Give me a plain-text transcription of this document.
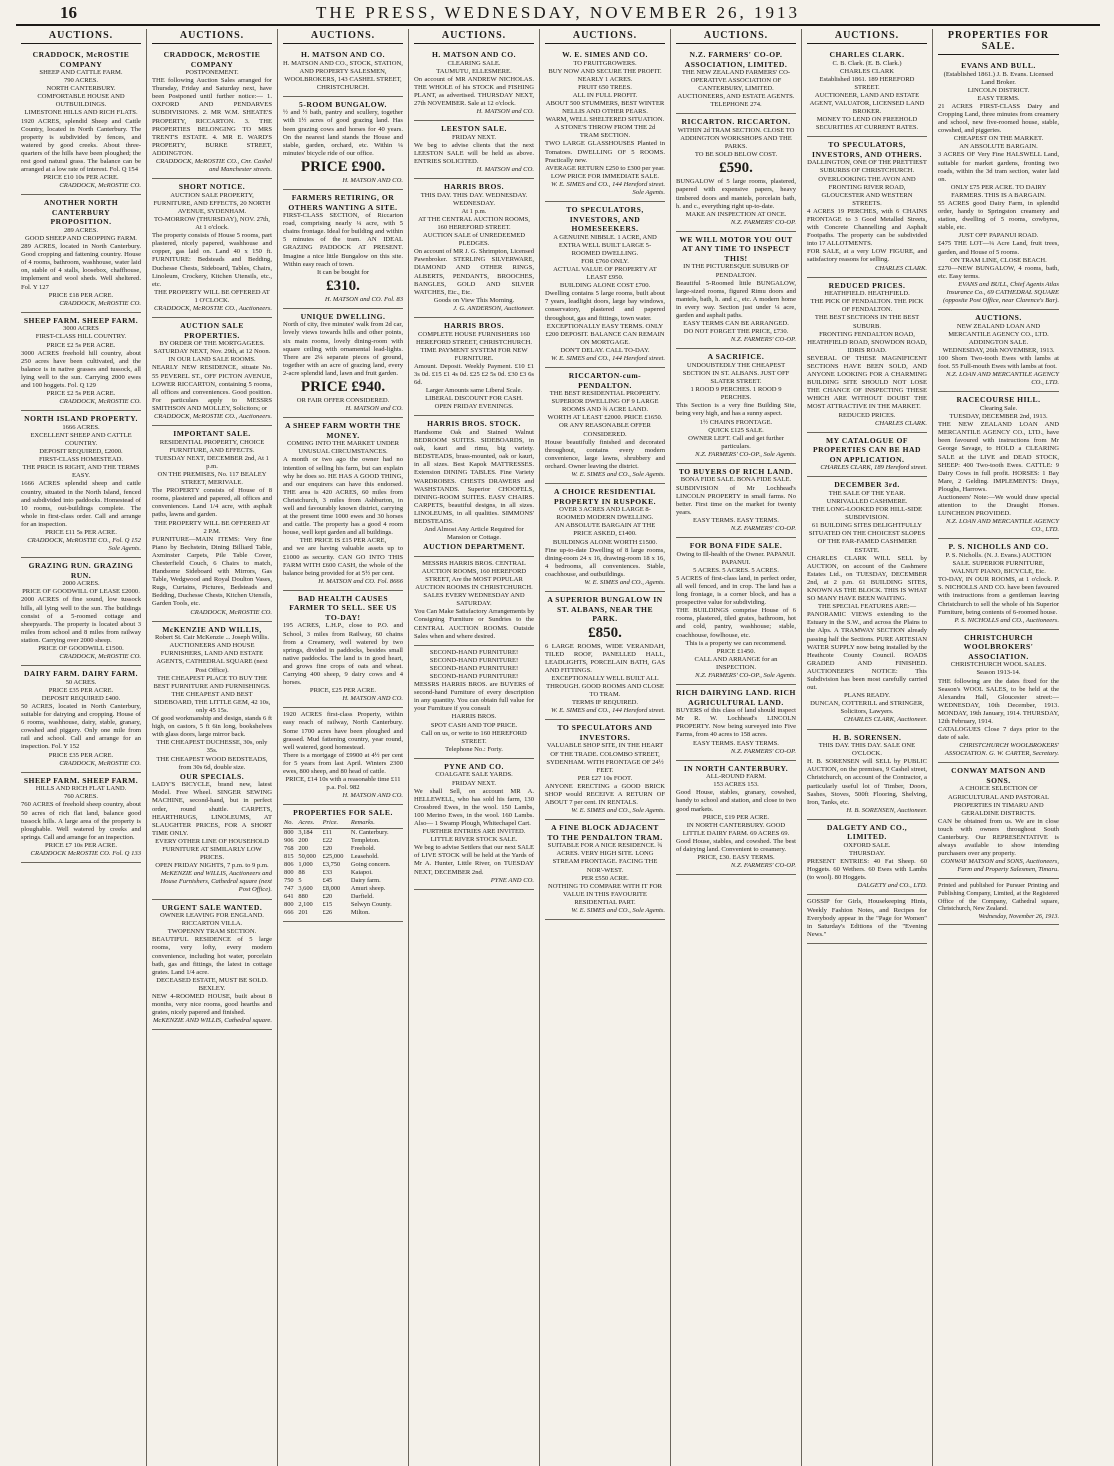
16	THE PRESS, WEDNESDAY, NOVEMBER 26, 1913
AUCTIONS.

CRADDOCK, McROSTIE COMPANY

SHEEP AND CATTLE FARM.

790 ACRES.

NORTH CANTERBURY.

COMFORTABLE HOUSE AND OUTBUILDINGS.

LIMESTONE HILLS AND RICH FLATS.

1920 ACRES, splendid Sheep and Cattle Country, located in North Canterbury. The property is subdivided by fences, and watered by good creeks. About three-quarters of the hills have been ploughed; the rest good natural grass. The balance can be arranged at a low rate of interest. Fol. Q 154

PRICE £10 10s PER ACRE.

CRADDOCK, McROSTIE CO.

ANOTHER NORTH CANTERBURY PROPOSITION.

289 ACRES.

GOOD SHEEP AND CROPPING FARM.

289 ACRES, located in North Canterbury. Good cropping and fattening country. House of 4 rooms, bathroom, washhouse, water laid on, stable of 4 stalls, loosebox, chaffhouse, implement and wool sheds. Well sheltered. Fol. Y 127

PRICE £18 PER ACRE.

CRADDOCK, McROSTIE CO.

SHEEP FARM. SHEEP FARM.

3000 ACRES

FIRST-CLASS HILL COUNTRY.

PRICE £2 5s PER ACRE.

3000 ACRES freehold hill country, about 250 acres have been cultivated, and the balance is in native grasses and tussock, all lying well to the sun. Carrying 2000 ewes and 100 hoggets. Fol. Q 129

PRICE £2 5s PER ACRE.

CRADDOCK, McROSTIE CO.

NORTH ISLAND PROPERTY.

1666 ACRES.

EXCELLENT SHEEP AND CATTLE COUNTRY.

DEPOSIT REQUIRED, £2000.

FIRST-CLASS HOMESTEAD.

THE PRICE IS RIGHT, AND THE TERMS EASY.

1666 ACRES splendid sheep and cattle country, situated in the North Island, fenced and subdivided into paddocks. Homestead of 10 rooms, out-buildings complete. The whole in first-class order. Call and arrange for an inspection.

PRICE £11 5s PER ACRE.

CRADDOCK, McROSTIE CO., Fol. Q 152 Sole Agents.

GRAZING RUN. GRAZING RUN.

2000 ACRES.

PRICE OF GOODWILL OF LEASE £2000.

2000 ACRES of fine sound, low tussock hills, all lying well to the sun. The buildings consist of a 5-roomed cottage and sheepyards. The property is located about 3 miles from school and 8 miles from railway station. Carrying over 2000 sheep.

PRICE OF GOODWILL £1500.

CRADDOCK, McROSTIE CO.

DAIRY FARM. DAIRY FARM.

50 ACRES.

PRICE £35 PER ACRE.

DEPOSIT REQUIRED £400.

50 ACRES, located in North Canterbury, suitable for dairying and cropping. House of 6 rooms, washhouse, dairy, stable, granary, cowshed and piggery. Only one mile from rail and school. Call and arrange for an inspection. Fol. Y 152

PRICE £35 PER ACRE.

CRADDOCK, McROSTIE CO.

SHEEP FARM. SHEEP FARM.

HILLS AND RICH FLAT LAND.

760 ACRES.

760 ACRES of freehold sheep country, about 50 acres of rich flat land, balance good tussock hills. A large area of the property is ploughable. Well watered by creeks and springs. Call and arrange for an inspection.

PRICE £7 10s PER ACRE.

CRADDOCK McROSTIE CO. Fol. Q 133

AUCTIONS.

CRADDOCK, McROSTIE COMPANY

POSTPONEMENT.

THE following Auction Sales arranged for Thursday, Friday and Saturday next, have been Postponed until further notice:— 1. OXFORD AND PENDARVES SUBDIVISIONS. 2. MR W.M. SHEATE'S PROPERTY, RICCARTON. 3. THE PROPERTIES BELONGING TO MRS TRENT'S ESTATE. 4. MR E. WARD'S PROPERTY, BURKE STREET, ADDINGTON.

CRADDOCK, McROSTIE CO., Cnr. Cashel and Manchester streets.

SHORT NOTICE.

AUCTION SALE PROPERTY, FURNITURE, AND EFFECTS, 20 NORTH AVENUE, SYDENHAM.

TO-MORROW (THURSDAY), NOV. 27th, At 1 o'clock.

The property consists of House 5 rooms, part plastered, nicely papered, washhouse and copper, gas laid on. Land 40 x 150 ft. FURNITURE: Bedsteads and Bedding, Duchesse Chests, Sideboard, Tables, Chairs, Linoleum, Crockery, Kitchen Utensils, etc., etc.

THE PROPERTY WILL BE OFFERED AT 1 O'CLOCK.

CRADDOCK, McROSTIE CO., Auctioneers.

AUCTION SALE PROPERTIES.

BY ORDER OF THE MORTGAGEES.

SATURDAY NEXT, Nov. 29th, at 12 Noon.

IN OUR LAND SALE ROOMS.

NEARLY NEW RESIDENCE, situate No. 55 PEVEREL ST., OFF PICTON AVENUE, LOWER RICCARTON, containing 5 rooms, all offices and conveniences. Good position. For particulars apply to MESSRS SMITHSON AND MOLLEY, Solicitors; or

CRADDOCK, McROSTIE CO., Auctioneers.

IMPORTANT SALE.

RESIDENTIAL PROPERTY, CHOICE FURNITURE, AND EFFECTS.

TUESDAY NEXT, DECEMBER 2nd, At 1 p.m.

ON THE PREMISES, No. 117 BEALEY STREET, MERIVALE.

The PROPERTY consists of House of 8 rooms, plastered and papered, all offices and conveniences. Land 1/4 acre, with asphalt paths, lawns and garden.

THE PROPERTY WILL BE OFFERED AT 2 P.M.

FURNITURE—MAIN ITEMS: Very fine Piano by Bechstein, Dining Billiard Table, Axminster Carpets, Pile Table Cover, Chesterfield Couch, 6 Chairs to match, Handsome Sideboard with Mirrors, Gas Table, Wedgwood and Royal Doulton Vases, Rugs, Curtains, Pictures, Bedsteads and Bedding, Duchesse Chests, Kitchen Utensils, Garden Tools, etc.

CRADDOCK, McROSTIE CO.

McKENZIE AND WILLIS,

Robert St. Cair McKenzie ... Joseph Willis. AUCTIONEERS AND HOUSE FURNISHERS, LAND AND ESTATE AGENTS, CATHEDRAL SQUARE (next Post Office).

THE CHEAPEST PLACE TO BUY THE BEST FURNITURE AND FURNISHINGS.

THE CHEAPEST AND BEST SIDEBOARD, THE LITTLE GEM, 42 10s, only 45 15s.

Of good workmanship and design, stands 6 ft high, on castors, 5 ft 6in long, bookshelves with glass doors, large mirror back.

THE CHEAPEST DUCHESSE, 30s, only 35s.

THE CHEAPEST WOOD BEDSTEADS, from 30s 6d, double size.

OUR SPECIALS.

LADY'S BICYCLE, brand new, latest Model. Free Wheel. SINGER SEWING MACHINE, second-hand, but in perfect order, round shuttle. CARPETS, HEARTHRUGS, LINOLEUMS, AT SLAUGHTER PRICES, FOR A SHORT TIME ONLY.

EVERY OTHER LINE OF HOUSEHOLD FURNITURE AT SIMILARLY LOW PRICES.

OPEN FRIDAY NIGHTS, 7 p.m. to 9 p.m.

McKENZIE and WILLIS, Auctioneers and House Furnishers, Cathedral square (next Post Office).

URGENT SALE WANTED.

OWNER LEAVING FOR ENGLAND. RICCARTON VILLA.

TWOPENNY TRAM SECTION.

BEAUTIFUL RESIDENCE of 5 large rooms, very lofty, every modern convenience, including hot water, porcelain bath, gas and fittings, the latest in cottage grates. Land 1/4 acre.

DECEASED ESTATE, MUST BE SOLD. BEXLEY.

NEW 4-ROOMED HOUSE, built about 8 months, very nice rooms, good hearths and grates, nicely papered and finished.

McKENZIE AND WILLIS, Cathedral square.

AUCTIONS.

H. MATSON AND CO.

H. MATSON AND CO., STOCK, STATION, AND PROPERTY SALESMEN, WOOLBROKERS, 143 CASHEL STREET, CHRISTCHURCH.

5-ROOM BUNGALOW.

½ and ½ bath, pantry and scullery, together with 1½ acres of good grazing land. Has been grazing cows and horses for 40 years. On the nearest land stands the House and stable, garden, orchard, etc. Within ¼ minutes' bicycle ride of our office.

PRICE £900.

H. MATSON AND CO.

FARMERS RETIRING, OR OTHERS WANTING A SITE.

FIRST-CLASS SECTION, of Riccarton road, comprising nearly ¼ acre, with 5 chains frontage. Ideal for building and within 5 minutes of the tram. AN IDEAL GRAZING PADDOCK AT PRESENT. Imagine a nice little Bungalow on this site. Within easy reach of town.

It can be bought for

£310.

H. MATSON and CO. Fol. 83

UNIQUE DWELLING.

North of city, five minutes' walk from 2d car, lovely views towards hills and other points, six main rooms, lovely dining-room with square ceiling with ornamental lead-lights. There are 2¼ separate pieces of ground, together with an acre of grazing land, every 2-acre splendid land, lawn and fruit garden.

PRICE £940.

OR FAIR OFFER CONSIDERED.

H. MATSON and CO.

A SHEEP FARM WORTH THE MONEY.

COMING INTO THE MARKET UNDER UNUSUAL CIRCUMSTANCES.

A month or two ago the owner had no intention of selling his farm, but can explain why he does so. HE HAS A GOOD THING, and our enquirers can have this endorsed. THE area is 420 ACRES, 60 miles from Christchurch, 3 miles from Ashburton, in well and favourably known district, carrying at the present time 1000 ewes and 30 horses and cattle. The property has a good 4 room house, well kept garden and all buildings.

THE PRICE IS £15 PER ACRE,

and we are having valuable assets up to £1000 as security. CAN GO INTO THIS FARM WITH £600 CASH, the whole of the balance being provided for at 5½ per cent.

H. MATSON and CO. Fol. 8666

BAD HEALTH CAUSES FARMER TO SELL. SEE US TO-DAY!

195 ACRES, L.H.P., close to P.O. and School, 3 miles from Railway, 60 chains from a Creamery, well watered by two springs, divided in paddocks, besides small native paddocks. The land is in good heart, and grows fine crops of oats and wheat. Carrying 400 sheep, 9 dairy cows and 4 horses.

PRICE, £25 PER ACRE.

H. MATSON AND CO.

1920 ACRES first-class Property, within easy reach of railway, North Canterbury. Some 1700 acres have been ploughed and grassed. Mud fattening country, year round, well watered, good homestead.

There is a mortgage of £9900 at 4½ per cent for 5 years from last April. Winters 2300 ewes, 800 sheep, and 80 head of cattle.

PRICE, £14 10s with a reasonable time £11 p.a. Fol. 982

H. MATSON AND CO.

PROPERTIES FOR SALE.

No.	Acres.	Price.	Remarks.
800	3,184	£11	N. Canterbury.
906	200	£22	Templeton.
768	200	£20	Freehold.
815	50,000	£25,000	Leasehold.
806	1,000	£3,750	Going concern.
800	88	£33	Kaiapoi.
750	5	£45	Dairy farm.
747	3,600	£8,000	Amuri sheep.
641	880	£20	Darfield.
800	2,100	£15	Selwyn County.
666	201	£26	Milton.
AUCTIONS.

H. MATSON AND CO.

CLEARING SALE.

TAUMUTU, ELLESMERE.

On account of MR ANDREW NICHOLAS. THE WHOLE of his STOCK and FISHING PLANT, as advertised. THURSDAY NEXT, 27th NOVEMBER. Sale at 12 o'clock.

H. MATSON and CO.

LEESTON SALE.

FRIDAY NEXT.

We beg to advise clients that the next LEESTON SALE will be held as above. ENTRIES SOLICITED.

H. MATSON and CO.

HARRIS BROS.

THIS DAY. THIS DAY. WEDNESDAY. WEDNESDAY.

At 1 p.m.

AT THE CENTRAL AUCTION ROOMS, 160 HEREFORD STREET.

AUCTION SALE of UNREDEEMED PLEDGES.

On account of MR J. G. Shrimpton, Licensed Pawnbroker. STERLING SILVERWARE, DIAMOND AND OTHER RINGS, ALBERTS, PENDANTS, BROOCHES, BANGLES, GOLD AND SILVER WATCHES, Etc., Etc.

Goods on View This Morning.

J. G. ANDERSON, Auctioneer.

HARRIS BROS.

COMPLETE HOUSE FURNISHERS 160 HEREFORD STREET, CHRISTCHURCH.

TIME PAYMENT SYSTEM FOR NEW FURNITURE.

Amount. Deposit. Weekly Payment. £10 £1 3s 0d. £15 £1 4s 0d. £25 £2 5s 0d. £30 £3 6s 6d.

Larger Amounts same Liberal Scale.

LIBERAL DISCOUNT FOR CASH.

OPEN FRIDAY EVENINGS.

HARRIS BROS. STOCK.

Handsome Oak and Stained Walnut BEDROOM SUITES. SIDEBOARDS, in oak, kauri and rimu, big variety. BEDSTEADS, brass-mounted, oak or kauri, in all sizes. Best Kapok MATTRESSES. Extension DINING TABLES. Fine Variety WARDROBES. CHESTS DRAWERS and WASHSTANDS. Superior CHOOFELS, DINING-ROOM SUITES. EASY CHAIRS. CARPETS, beautiful designs, in all sizes. LINOLEUMS, in all qualities. SIMMONS' BEDSTEADS.

And Almost Any Article Required for Mansion or Cottage.

AUCTION DEPARTMENT.

MESSRS HARRIS BROS. CENTRAL AUCTION ROOMS, 160 HEREFORD STREET, Are the MOST POPULAR AUCTION ROOMS IN CHRISTCHURCH.

SALES EVERY WEDNESDAY AND SATURDAY.

You Can Make Satisfactory Arrangements by Consigning Furniture or Sundries to the CENTRAL AUCTION ROOMS. Outside Sales when and where desired.

SECOND-HAND FURNITURE!

SECOND-HAND FURNITURE!

SECOND-HAND FURNITURE!

SECOND-HAND FURNITURE!

MESSRS HARRIS BROS. are BUYERS of second-hand Furniture of every description in any quantity. You can obtain full value for your Furniture if you consult

HARRIS BROS.

SPOT CASH AND TOP PRICE.

Call on us, or write to 160 HEREFORD STREET.

Telephone No.: Forty.

PYNE AND CO.

COALGATE SALE YARDS.

FRIDAY NEXT.

We shall Sell, on account MR A. HELLEWELL, who has sold his farm, 130 Crossbred Ewes, in the wool. 150 Lambs, 100 Merino Ewes, in the wool. 160 Lambs. Also— 1 Swamp Plough, Whitechapel Cart.

FURTHER ENTRIES ARE INVITED.

LITTLE RIVER STOCK SALE.

We beg to advise Settlers that our next SALE of LIVE STOCK will be held at the Yards of Mr A. Hunter, Little River, on TUESDAY NEXT, DECEMBER 2nd.

PYNE AND CO.

AUCTIONS.

W. E. SIMES AND CO.

TO FRUITGROWERS.

BUY NOW AND SECURE THE PROFIT. NEARLY 1 ACRES.

FRUIT 650 TREES.

ALL IN FULL PROFIT.

ABOUT 500 STUMMERS, BEST WINTER NELLIS AND OTHER PEARS.

WARM, WELL SHELTERED SITUATION. A STONE'S THROW FROM THE 2d TRAM SECTION.

TWO LARGE GLASSHOUSES Planted in Tomatoes. DWELLING OF 5 ROOMS. Practically new.

AVERAGE RETURN £250 to £300 per year.

LOW PRICE FOR IMMEDIATE SALE.

W. E. SIMES and CO., 144 Hereford street. Sole Agents.

TO SPECULATORS, INVESTORS, AND HOMESEEKERS.

A GENUINE NIBBLE. 1 ACRE, AND EXTRA WELL BUILT LARGE 5-ROOMED DWELLING.

FOR £760 ONLY.

ACTUAL VALUE OF PROPERTY AT LEAST £950.

BUILDING ALONE COST £700.

Dwelling contains 5 large rooms, built about 7 years, leadlight doors, large bay windows, conservatory, plastered and papered throughout, gas and fittings, town water.

EXCEPTIONALLY EASY TERMS. ONLY £200 DEPOSIT. BALANCE CAN REMAIN ON MORTGAGE.

DON'T DELAY. CALL TO-DAY.

W. E. SIMES and CO., 144 Hereford street.

RICCARTON-cum-PENDALTON.

THE BEST RESIDENTIAL PROPERTY.

SUPERIOR DWELLING OF 9 LARGE ROOMS AND ¾ ACRE LAND.

WORTH AT LEAST £2000. PRICE £1650.

OR ANY REASONABLE OFFER CONSIDERED.

House beautifully finished and decorated throughout, contains every modern convenience, large lawns, shrubbery and orchard. Owner leaving the district.

W. E. SIMES and CO., Sole Agents.

A CHOICE RESIDENTIAL PROPERTY IN RUSPOKE.

OVER 3 ACRES AND LARGE 8-ROOMED MODERN DWELLING.

AN ABSOLUTE BARGAIN AT THE PRICE ASKED, £1400.

BUILDINGS ALONE WORTH £1500.

Fine up-to-date Dwelling of 8 large rooms, dining-room 24 x 16, drawing-room 18 x 16, 4 bedrooms, all conveniences. Stable, coachhouse, and outbuildings.

W. E. SIMES and CO., Agents.

A SUPERIOR BUNGALOW IN ST. ALBANS, NEAR THE PARK.

£850.

6 LARGE ROOMS, WIDE VERANDAH, TILED ROOF, PANELLED HALL, LEADLIGHTS, PORCELAIN BATH, GAS AND FITTINGS.

EXCEPTIONALLY WELL BUILT ALL THROUGH. GOOD ROOMS AND CLOSE TO TRAM.

TERMS IF REQUIRED.

W. E. SIMES and CO., 144 Hereford street.

TO SPECULATORS AND INVESTORS.

VALUABLE SHOP SITE, IN THE HEART OF THE TRADE. COLOMBO STREET, SYDENHAM. WITH FRONTAGE OF 24½ FEET.

PER £27 10s FOOT.

ANYONE ERECTING a GOOD BRICK SHOP would RECEIVE A RETURN OF ABOUT 7 per cent. IN RENTALS.

W. E. SIMES and CO., Sole Agents.

A FINE BLOCK ADJACENT TO THE PENDALTON TRAM.

SUITABLE FOR A NICE RESIDENCE. ¾ ACRES. VERY HIGH SITE. LONG STREAM FRONTAGE. FACING THE NOR'-WEST.

PER £550 ACRE.

NOTHING TO COMPARE WITH IT FOR VALUE IN THIS FAVOURITE RESIDENTIAL PART.

W. E. SIMES and CO., Sole Agents.

AUCTIONS.

N.Z. FARMERS' CO-OP. ASSOCIATION, LIMITED.

THE NEW ZEALAND FARMERS' CO-OPERATIVE ASSOCIATION OF CANTERBURY, LIMITED. AUCTIONEERS, AND ESTATE AGENTS.

TELEPHONE 274.

RICCARTON. RICCARTON.

WITHIN 2d TRAM SECTION. CLOSE TO ADDINGTON WORKSHOPS AND THE PARKS.

TO BE SOLD BELOW COST.

£590.

BUNGALOW of 5 large rooms, plastered, papered with expensive papers, heavy timbered doors and mantels, porcelain bath, h. and c., everything right up-to-date.

MAKE AN INSPECTION AT ONCE.

N.Z. FARMERS' CO-OP.

WE WILL MOTOR YOU OUT AT ANY TIME TO INSPECT THIS!

IN THE PICTURESQUE SUBURB OF PENDALTON.

Beautiful 5-Roomed little BUNGALOW, large-sized rooms, figured Rimu doors and mantels, bath, h. and c., etc. A modern home in every way. Section just under ¼ acre, garden and asphalt paths.

EASY TERMS CAN BE ARRANGED.

DO NOT FORGET THE PRICE, £730.

N.Z. FARMERS' CO-OP.

A SACRIFICE.

UNDOUBTEDLY THE CHEAPEST SECTION IN ST. ALBANS. JUST OFF SLATER STREET.

1 ROOD 9 PERCHES. 1 ROOD 9 PERCHES.

This Section is a very fine Building Site, being very high, and has a sunny aspect.

1½ CHAINS FRONTAGE.

QUICK £125 SALE.

OWNER LEFT. Call and get further particulars.

N.Z. FARMERS' CO-OP., Sole Agents.

TO BUYERS OF RICH LAND.

BONA FIDE SALE. BONA FIDE SALE.

SUBDIVISION of Mr Lochhead's LINCOLN PROPERTY in small farms. No better. First time on the market for twenty years.

EASY TERMS. EASY TERMS.

N.Z. FARMERS' CO-OP.

FOR BONA FIDE SALE.

Owing to Ill-health of the Owner. PAPANUI. PAPANUI.

5 ACRES. 5 ACRES. 5 ACRES.

5 ACRES of first-class land, in perfect order, all well fenced, and in crop. The land has a long frontage, is a corner block, and has a prospective value for subdividing.

THE BUILDINGS comprise House of 6 rooms, plastered, tiled grates, bathroom, hot and cold, pantry, washhouse; stable, coachhouse, fowlhouse, etc.

This is a property we can recommend.

PRICE £1450.

CALL AND ARRANGE for an INSPECTION.

N.Z. FARMERS' CO-OP., Sole Agents.

RICH DAIRYING LAND. RICH AGRICULTURAL LAND.

BUYERS of this class of land should inspect Mr R. W. Lochhead's LINCOLN PROPERTY. Now being surveyed into Five Farms, from 40 acres to 158 acres.

EASY TERMS. EASY TERMS.

N.Z. FARMERS' CO-OP.

IN NORTH CANTERBURY.

ALL-ROUND FARM.

153 ACRES 153.

Good House, stables, granary, cowshed, handy to school and station, and close to two good markets.

PRICE, £19 PER ACRE.

IN NORTH CANTERBURY. GOOD LITTLE DAIRY FARM. 69 ACRES 69.

Good House, stables, and cowshed. The best of dairying land. Convenient to creamery.

PRICE, £30. EASY TERMS.

N.Z. FARMERS' CO-OP.

AUCTIONS.

CHARLES CLARK.

C. B. Clark. (E. B. Clark.)

CHARLES CLARK

Established 1861. 189 HEREFORD STREET.

AUCTIONEER, LAND AND ESTATE AGENT, VALUATOR, LICENSED LAND BROKER.

MONEY TO LEND ON FREEHOLD SECURITIES AT CURRENT RATES.

TO SPECULATORS, INVESTORS, AND OTHERS.

DALLINGTON, ONE OF THE PRETTIEST SUBURBS OF CHRISTCHURCH.

OVERLOOKING THE AVON AND FRONTING RIVER ROAD, GLOUCESTER AND WESTERN STREETS.

4 ACRES 19 PERCHES, with 6 CHAINS FRONTAGE to 3 Good Metalled Streets, with Concrete Channelling and Asphalt Footpaths. The property can be subdivided into 17 ALLOTMENTS.

FOR SALE, at a very LOW FIGURE, and satisfactory reasons for selling.

CHARLES CLARK.

REDUCED PRICES.

HEATHFIELD. HEATHFIELD.

THE PICK OF FENDALTON. THE PICK OF FENDALTON.

THE BEST SECTIONS IN THE BEST SUBURB.

FRONTING FENDALTON ROAD, HEATHFIELD ROAD, SNOWDON ROAD, IDRIS ROAD.

SEVERAL OF THESE MAGNIFICENT SECTIONS HAVE BEEN SOLD, AND ANYONE LOOKING FOR A CHARMING BUILDING SITE SHOULD NOT LOSE THE CHANCE OF INSPECTING THESE WHICH ARE WITHOUT DOUBT THE MOST ATTRACTIVE IN THE MARKET.

REDUCED PRICES.

CHARLES CLARK.

MY CATALOGUE OF PROPERTIES CAN BE HAD ON APPLICATION.

CHARLES CLARK, 189 Hereford street.

DECEMBER 3rd.

THE SALE OF THE YEAR.

UNRIVALLED CASHMERE.

THE LONG-LOOKED FOR HILL-SIDE SUBDIVISION.

61 BUILDING SITES DELIGHTFULLY SITUATED ON THE CHOICEST SLOPES OF THE FAR-FAMED CASHMERE ESTATE.

CHARLES CLARK WILL SELL by AUCTION, on account of the Cashmere Estates Ltd., on TUESDAY, DECEMBER 2nd, at 2 p.m. 61 BUILDING SITES, KNOWN AS THE BLOCK. THIS IS WHAT SO MANY HAVE BEEN WAITING.

THE SPECIAL FEATURES ARE:—

PANORAMIC VIEWS extending to the Estuary in the S.W., and across the Plains to the Alps. A TRAMWAY SECTION already passing half the Sections. PURE ARTESIAN WATER SUPPLY now being installed by the Heathcote County Council. ROADS GRADED AND FINISHED. AUCTIONEER'S NOTICE: This Subdivision has been most carefully carried out.

PLANS READY.

DUNCAN, COTTERILL and STRINGER, Solicitors, Lawyers.

CHARLES CLARK, Auctioneer.

H. B. SORENSEN.

THIS DAY. THIS DAY. SALE ONE O'CLOCK.

H. B. SORENSEN will SELL by PUBLIC AUCTION, on the premises, 9 Cashel street, Christchurch, on account of the Contractor, a particularly useful lot of Timber, Doors, Sashes, Stoves, 500ft Flooring, Shelving, Iron, Tanks, etc.

H. B. SORENSEN, Auctioneer.

DALGETY AND CO., LIMITED.

OXFORD SALE.

THURSDAY.

PRESENT ENTRIES: 40 Fat Sheep. 60 Hoggets. 60 Wethers. 60 Ewes with Lambs (to wool). 80 Hoggets.

DALGETY and CO., LTD.

GOSSIP for Girls, Housekeeping Hints, Weekly Fashion Notes, and Recipes for Everybody appear in the "Page for Women" in Saturday's Editions of the "Evening News."

PROPERTIES FOR SALE.

EVANS AND BULL.

(Established 1861.) J. B. Evans. Licensed Land Broker.

LINCOLN DISTRICT.

EASY TERMS.

21 ACRES FIRST-CLASS Dairy and Cropping Land, three minutes from creamery and school, new five-roomed house, stable, cowshed, and piggeries.

CHEAPEST ON THE MARKET.

AN ABSOLUTE BARGAIN.

3 ACRES OF Very Fine HALSWELL Land, suitable for market gardens, fronting two roads, within the 3d tram section, water laid on.

ONLY £75 PER ACRE. TO DAIRY FARMERS. THIS IS A BARGAIN.

55 ACRES good Dairy Farm, in splendid order, handy to Springston creamery and station, dwelling of 5 rooms, cowbyres, stable, etc.

JUST OFF PAPANUI ROAD.

£475 THE LOT—¼ Acre Land, fruit trees, garden, and House of 5 rooms.

ON TRAM LINE, CLOSE BEACH.

£270—NEW BUNGALOW, 4 rooms, bath, etc. Easy terms.

EVANS and BULL, Chief Agents Atlas Insurance Co., 69 CATHEDRAL SQUARE (opposite Post Office, near Clarence's Bar).

AUCTIONS.

NEW ZEALAND LOAN AND MERCANTILE AGENCY CO., LTD.

ADDINGTON SALE.

WEDNESDAY, 26th NOVEMBER, 1913.

100 Shorn Two-tooth Ewes with lambs at foot. 55 Full-mouth Ewes with lambs at foot.

N.Z. LOAN AND MERCANTILE AGENCY CO., LTD.

RACECOURSE HILL.

Clearing Sale.

TUESDAY, DECEMBER 2nd, 1913.

THE NEW ZEALAND LOAN AND MERCANTILE AGENCY CO., LTD., have been favoured with instructions from Mr George Savage, to HOLD a CLEARING SALE at the LIVE and DEAD STOCK, SHEEP: 400 Two-tooth Ewes. CATTLE: 9 Dairy Cows in full profit. HORSES: 1 Bay Mare, 2 Gelding. IMPLEMENTS: Drays, Ploughs, Harrows.

Auctioneers' Note:—We would draw special attention to the Draught Horses. LUNCHEON PROVIDED.

N.Z. LOAN AND MERCANTILE AGENCY CO., LTD.

P. S. NICHOLLS AND CO.

P. S. Nicholls. (N. J. Evans.) AUCTION SALE. SUPERIOR FURNITURE, WALNUT PIANO, BICYCLE, Etc.

TO-DAY, IN OUR ROOMS, at 1 o'clock. P. S. NICHOLLS AND CO. have been favoured with instructions from a gentleman leaving Christchurch to sell the whole of his Superior Furniture, being contents of 6-roomed house.

P. S. NICHOLLS and CO., Auctioneers.

CHRISTCHURCH WOOLBROKERS' ASSOCIATION.

CHRISTCHURCH WOOL SALES.

Season 1913-14.

THE following are the dates fixed for the Season's WOOL SALES, to be held at the Alexandra Hall, Gloucester street:— WEDNESDAY, 10th December, 1913. MONDAY, 19th January, 1914. THURSDAY, 12th February, 1914.

CATALOGUES Close 7 days prior to the date of sale.

CHRISTCHURCH WOOLBROKERS' ASSOCIATION. G. W. CARTER, Secretary.

CONWAY MATSON AND SONS.

A CHOICE SELECTION OF AGRICULTURAL AND PASTORAL PROPERTIES IN TIMARU AND GERALDINE DISTRICTS.

CAN be obtained from us. We are in close touch with owners throughout South Canterbury. Our REPRESENTATIVE is always available to show intending purchasers over any property.

CONWAY MATSON and SONS, Auctioneers, Farm and Property Salesmen, Timaru.

Printed and published for Pursuer Printing and Publishing Company, Limited, at the Registered Office of the Company, Cathedral square, Christchurch, New Zealand.

Wednesday, November 26, 1913.
